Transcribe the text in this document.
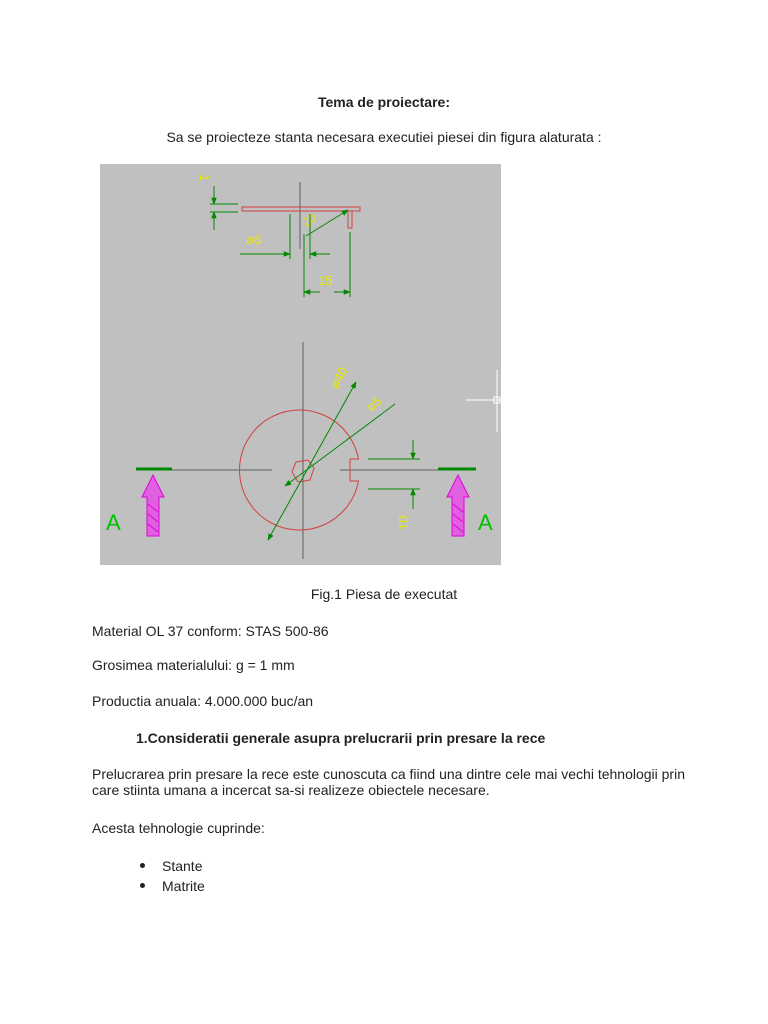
Tema de proiectare:
Sa se proiecteze stanta necesara executiei piesei din figura alaturata :
1
20
ø6
15
ø40
ø5
10
A	A
Fig.1 Piesa de executat
Material OL 37 conform: STAS 500-86
Grosimea materialului: g = 1 mm
Productia anuala: 4.000.000 buc/an
1.Consideratii generale asupra prelucrarii prin presare la rece
Prelucrarea prin presare la rece este cunoscuta ca fiind una dintre cele mai vechi tehnologii prin care stiinta umana a incercat sa-si realizeze obiectele necesare.
Acesta tehnologie cuprinde:
Stante
Matrite
